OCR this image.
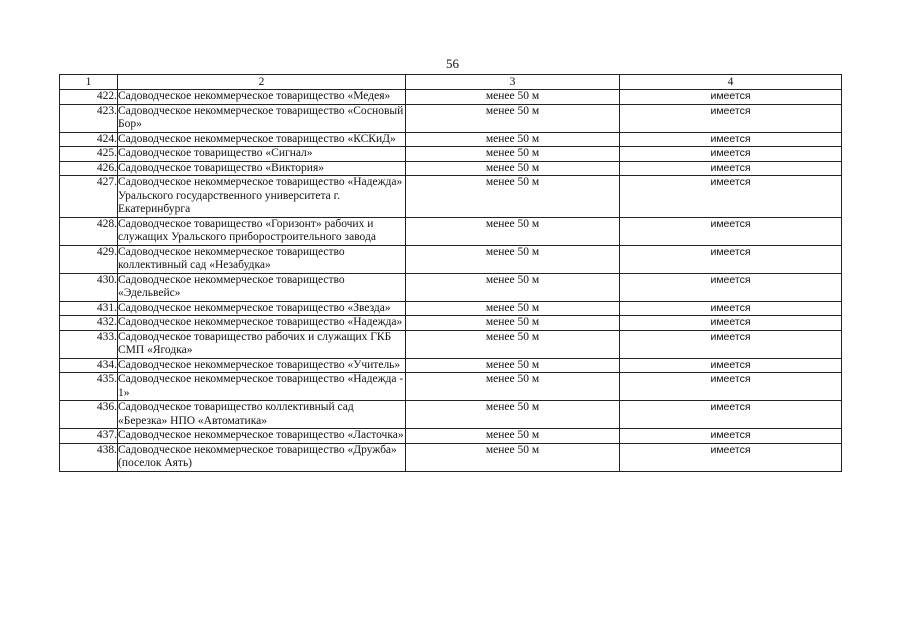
56
1	2	3	4
422.	Садоводческое некоммерческое товарищество «Медея»	менее 50 м	имеется
423.	Садоводческое некоммерческое товарищество «Сосновый Бор»	менее 50 м	имеется
424.	Садоводческое некоммерческое товарищество «КСКиД»	менее 50 м	имеется
425.	Садоводческое товарищество «Сигнал»	менее 50 м	имеется
426.	Садоводческое товарищество «Виктория»	менее 50 м	имеется
427.	Садоводческое некоммерческое товарищество «Надежда» Уральского государственного университета г. Екатеринбурга	менее 50 м	имеется
428.	Садоводческое товарищество «Горизонт» рабочих и служащих Уральского приборостроительного завода	менее 50 м	имеется
429.	Садоводческое некоммерческое товарищество коллективный сад «Незабудка»	менее 50 м	имеется
430.	Садоводческое некоммерческое товарищество «Эдельвейс»	менее 50 м	имеется
431.	Садоводческое некоммерческое товарищество «Звезда»	менее 50 м	имеется
432.	Садоводческое некоммерческое товарищество «Надежда»	менее 50 м	имеется
433.	Садоводческое товарищество рабочих и служащих ГКБ СМП «Ягодка»	менее 50 м	имеется
434.	Садоводческое некоммерческое товарищество «Учитель»	менее 50 м	имеется
435.	Садоводческое некоммерческое товарищество «Надежда - 1»	менее 50 м	имеется
436.	Садоводческое товарищество коллективный сад «Березка» НПО «Автоматика»	менее 50 м	имеется
437.	Садоводческое некоммерческое товарищество «Ласточка»	менее 50 м	имеется
438.	Садоводческое некоммерческое товарищество «Дружба» (поселок Аять)	менее 50 м	имеется
